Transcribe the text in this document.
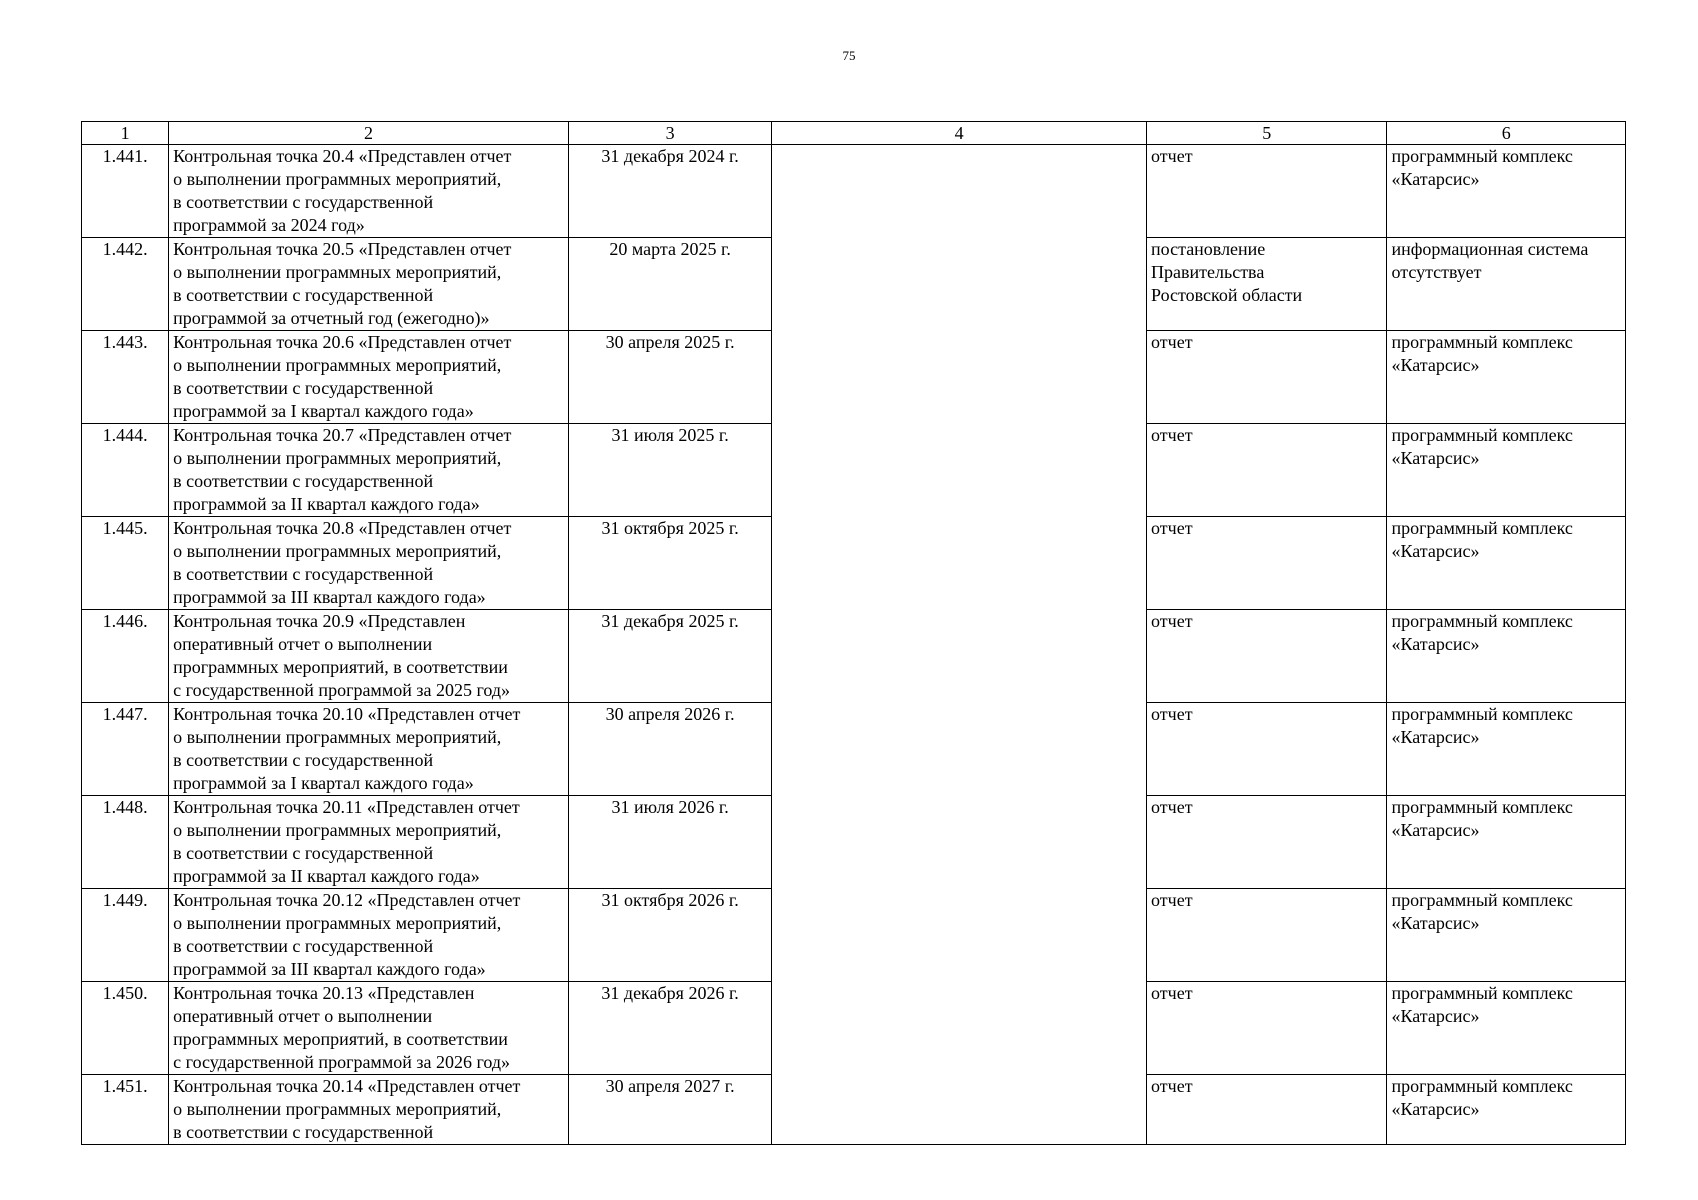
75
1	2	3	4	5	6
1.441.	Контрольная точка 20.4 «Представлен отчет
о выполнении программных мероприятий,
в соответствии с государственной
программой за 2024 год»	31 декабря 2024 г.		отчет	программный комплекс
«Катарсис»

1.442.	Контрольная точка 20.5 «Представлен отчет
о выполнении программных мероприятий,
в соответствии с государственной
программой за отчетный год (ежегодно)»	20 марта 2025 г.		постановление
Правительства
Ростовской области	информационная система
отсутствует

1.443.	Контрольная точка 20.6 «Представлен отчет
о выполнении программных мероприятий,
в соответствии с государственной
программой за I квартал каждого года»	30 апреля 2025 г.		отчет	программный комплекс
«Катарсис»

1.444.	Контрольная точка 20.7 «Представлен отчет
о выполнении программных мероприятий,
в соответствии с государственной
программой за II квартал каждого года»	31 июля 2025 г.		отчет	программный комплекс
«Катарсис»

1.445.	Контрольная точка 20.8 «Представлен отчет
о выполнении программных мероприятий,
в соответствии с государственной
программой за III квартал каждого года»	31 октября 2025 г.		отчет	программный комплекс
«Катарсис»

1.446.	Контрольная точка 20.9 «Представлен
оперативный отчет о выполнении
программных мероприятий, в соответствии
с государственной программой за 2025 год»	31 декабря 2025 г.		отчет	программный комплекс
«Катарсис»

1.447.	Контрольная точка 20.10 «Представлен отчет
о выполнении программных мероприятий,
в соответствии с государственной
программой за I квартал каждого года»	30 апреля 2026 г.		отчет	программный комплекс
«Катарсис»

1.448.	Контрольная точка 20.11 «Представлен отчет
о выполнении программных мероприятий,
в соответствии с государственной
программой за II квартал каждого года»	31 июля 2026 г.		отчет	программный комплекс
«Катарсис»

1.449.	Контрольная точка 20.12 «Представлен отчет
о выполнении программных мероприятий,
в соответствии с государственной
программой за III квартал каждого года»	31 октября 2026 г.		отчет	программный комплекс
«Катарсис»

1.450.	Контрольная точка 20.13 «Представлен
оперативный отчет о выполнении
программных мероприятий, в соответствии
с государственной программой за 2026 год»	31 декабря 2026 г.		отчет	программный комплекс
«Катарсис»

1.451.	Контрольная точка 20.14 «Представлен отчет
о выполнении программных мероприятий,
в соответствии с государственной	30 апреля 2027 г.		отчет	программный комплекс
«Катарсис»
